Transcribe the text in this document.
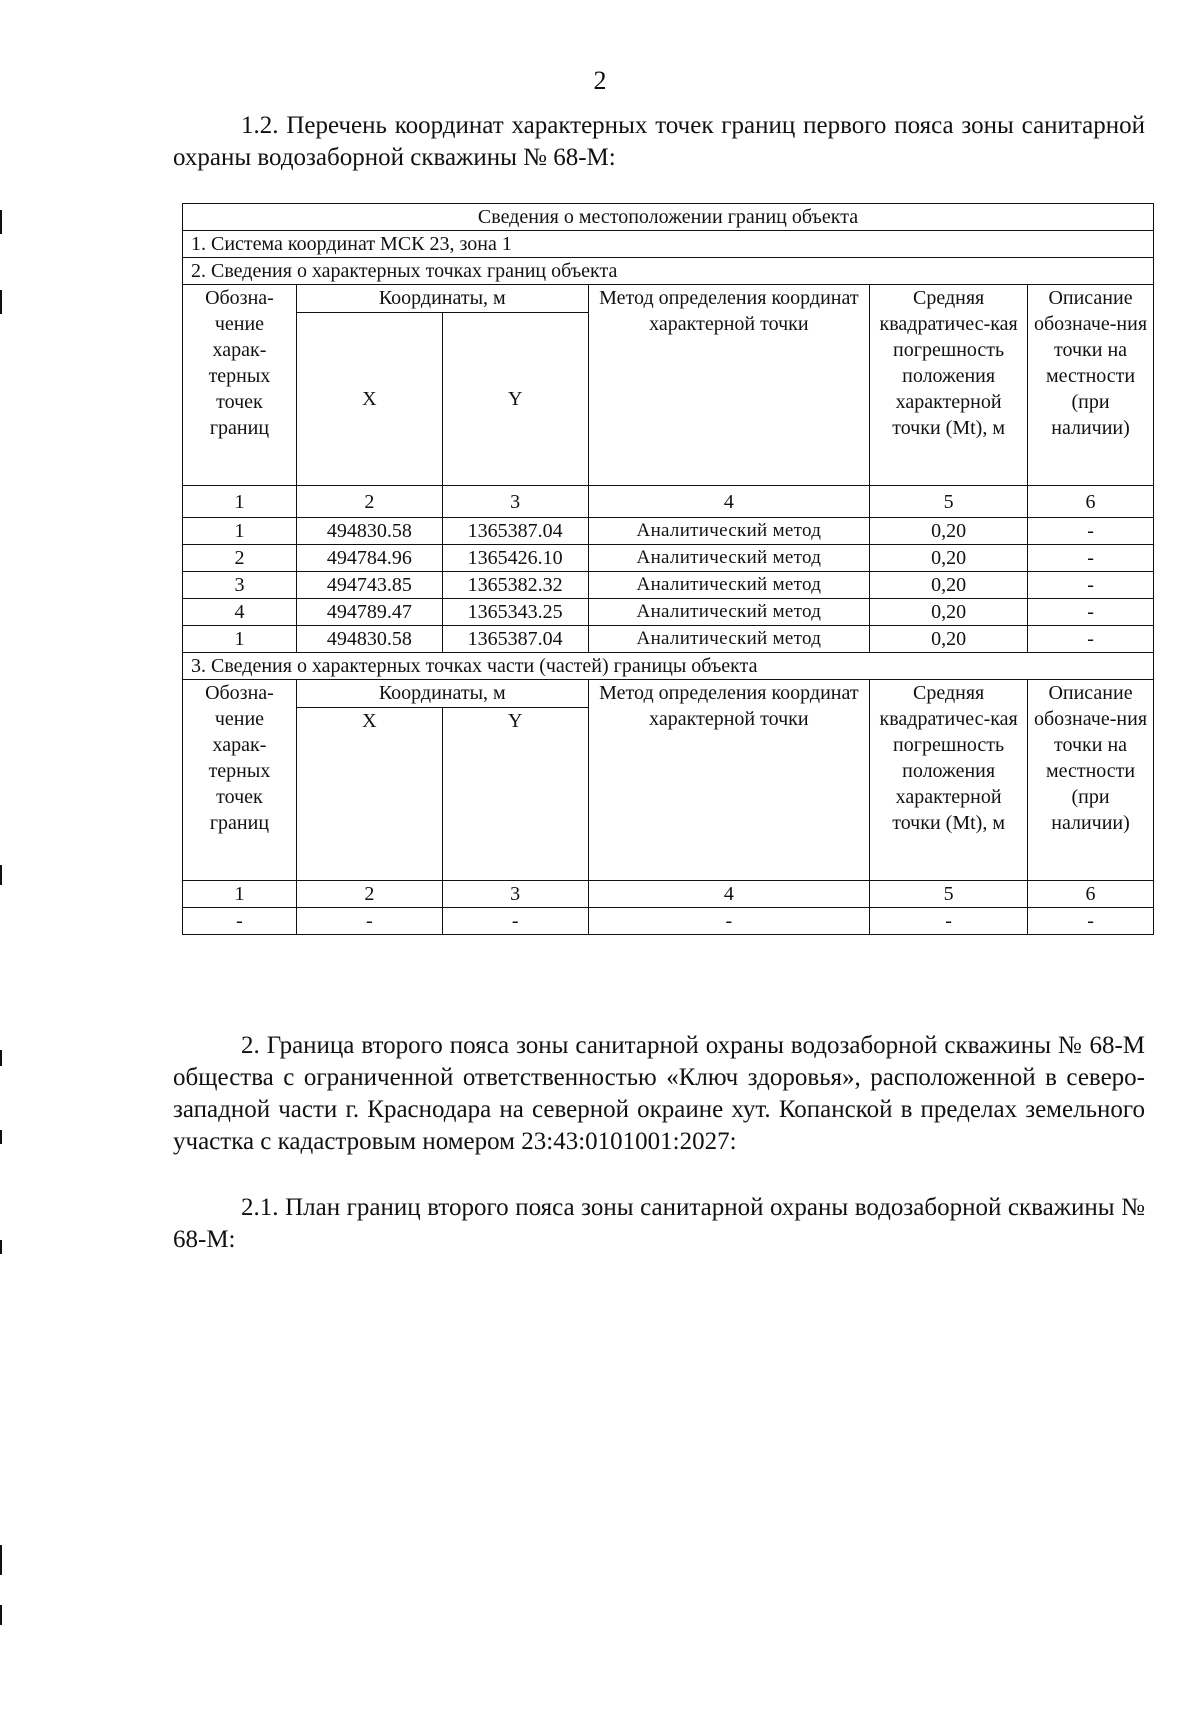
2
1.2. Перечень координат характерных точек границ первого пояса зоны санитарной охраны водозаборной скважины № 68-М:
Сведения о местоположении границ объекта					
1. Система координат МСК 23, зона 1					
2. Сведения о характерных точках границ объекта					
Обозна-чение харак-терных точек границ	Координаты, м		Метод определения координат характерной точки	Средняя квадратичес-кая погрешность положения характерной точки (Mt), м	Описание обозначе-ния точки на местности (при наличии)
	X	Y			
1	2	3	4	5	6
1	494830.58	1365387.04	Аналитический метод	0,20	-
2	494784.96	1365426.10	Аналитический метод	0,20	-
3	494743.85	1365382.32	Аналитический метод	0,20	-
4	494789.47	1365343.25	Аналитический метод	0,20	-
1	494830.58	1365387.04	Аналитический метод	0,20	-
3. Сведения о характерных точках части (частей) границы объекта					
Обозна-чение харак-терных точек границ	Координаты, м		Метод определения координат характерной точки	Средняя квадратичес-кая погрешность положения характерной точки (Mt), м	Описание обозначе-ния точки на местности (при наличии)
	X	Y			
1	2	3	4	5	6
-	-	-	-	-	-
2. Граница второго пояса зоны санитарной охраны водозаборной скважины № 68-М общества с ограниченной ответственностью «Ключ здоровья», расположенной в северо-западной части г. Краснодара на северной окраине хут. Копанской в пределах земельного участка с кадастровым номером 23:43:0101001:2027:
2.1. План границ второго пояса зоны санитарной охраны водозаборной скважины № 68-М:
